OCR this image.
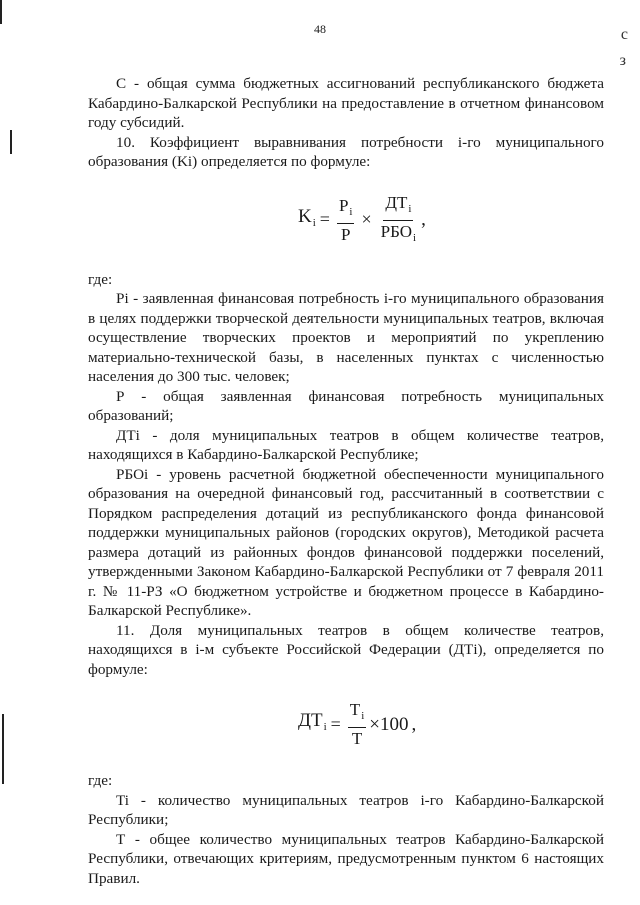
48	с
з

С - общая сумма бюджетных ассигнований республиканского бюджета Кабардино-Балкарской Республики на предоставление в отчетном финансовом году субсидий.

10. Коэффициент выравнивания потребности i-го муниципального образования (Ki) определяется по формуле:

$K_i = \frac{P_i}{P} \times \frac{ДТ_i}{РБО_i}$ ,

где:

Pi - заявленная финансовая потребность i-го муниципального образования в целях поддержки творческой деятельности муниципальных театров, включая осуществление творческих проектов и мероприятий по укреплению материально-технической базы, в населенных пунктах с численностью населения до 300 тыс. человек;

Р - общая заявленная финансовая потребность муниципальных образований;

ДТi - доля муниципальных театров в общем количестве театров, находящихся в Кабардино-Балкарской Республике;

РБОi - уровень расчетной бюджетной обеспеченности муниципального образования на очередной финансовый год, рассчитанный в соответствии с Порядком распределения дотаций из республиканского фонда финансовой поддержки муниципальных районов (городских округов), Методикой расчета размера дотаций из районных фондов финансовой поддержки поселений, утвержденными Законом Кабардино-Балкарской Республики от 7 февраля 2011 г. № 11-РЗ «О бюджетном устройстве и бюджетном процессе в Кабардино-Балкарской Республике».

11. Доля муниципальных театров в общем количестве театров, находящихся в i-м субъекте Российской Федерации (ДТi), определяется по формуле:

$ДТ_i = \frac{T_i}{T} \times 100$ ,

где:

Ti - количество муниципальных театров i-го Кабардино-Балкарской Республики;

Т - общее количество муниципальных театров Кабардино-Балкарской Республики, отвечающих критериям, предусмотренным пунктом 6 настоящих Правил.
